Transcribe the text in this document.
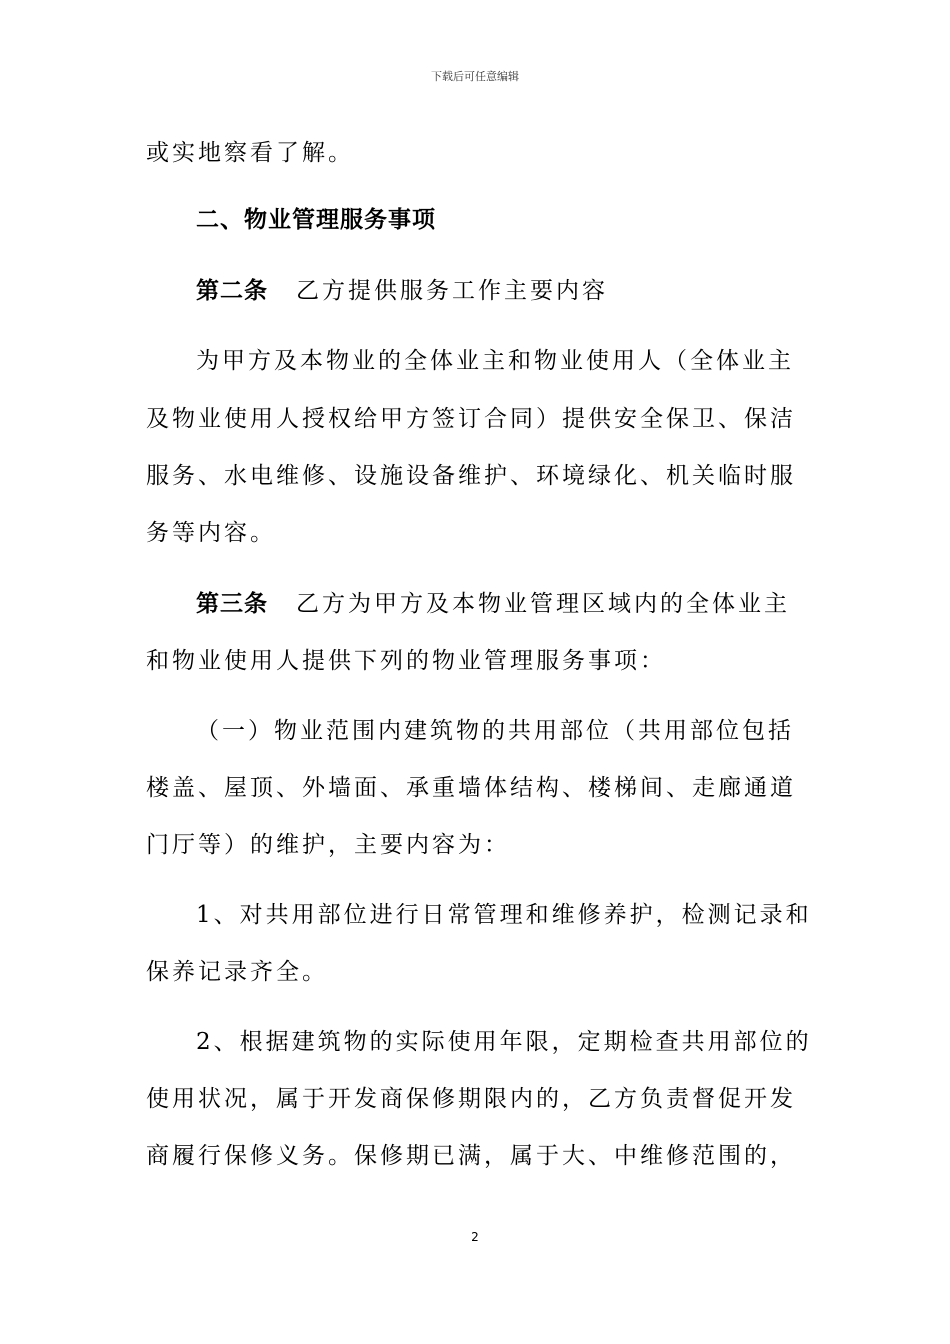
下载后可任意编辑
或实地察看了解。
二、物业管理服务事项
第二条 乙方提供服务工作主要内容
为甲方及本物业的全体业主和物业使用人（全体业主
及物业使用人授权给甲方签订合同）提供安全保卫、保洁
服务、水电维修、设施设备维护、环境绿化、机关临时服
务等内容。
第三条 乙方为甲方及本物业管理区域内的全体业主
和物业使用人提供下列的物业管理服务事项：
（一）物业范围内建筑物的共用部位（共用部位包括
楼盖、屋顶、外墙面、承重墙体结构、楼梯间、走廊通道
门厅等）的维护，主要内容为：
1、对共用部位进行日常管理和维修养护，检测记录和
保养记录齐全。
2、根据建筑物的实际使用年限，定期检查共用部位的
使用状况，属于开发商保修期限内的，乙方负责督促开发
商履行保修义务。保修期已满，属于大、中维修范围的，
2
